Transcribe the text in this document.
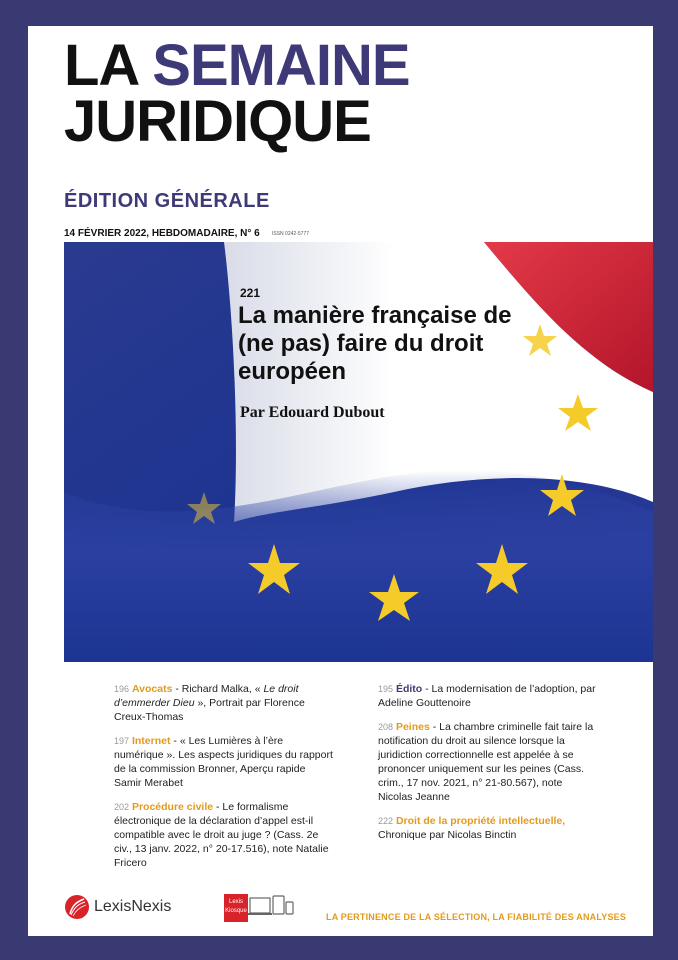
LA SEMAINE
JURIDIQUE
ÉDITION GÉNÉRALE
14 FÉVRIER 2022, HEBDOMADAIRE, N° 6 ISSN 0242-5777
221
La manière française de (ne pas) faire du droit européen
Par Edouard Dubout
196 Avocats - Richard Malka, « Le droit d’emmerder Dieu », Portrait par Florence Creux-Thomas
197 Internet - « Les Lumières à l’ère numérique ». Les aspects juridiques du rapport de la commission Bronner, Aperçu rapide Samir Merabet
202 Procédure civile - Le formalisme électronique de la déclaration d’appel est-il compatible avec le droit au juge ? (Cass. 2e civ., 13 janv. 2022, n° 20-17.516), note Natalie Fricero
195 Édito - La modernisation de l’adoption, par Adeline Gouttenoire
208 Peines - La chambre criminelle fait taire la notification du droit au silence lorsque la juridiction correctionnelle est appelée à se prononcer uniquement sur les peines (Cass. crim., 17 nov. 2021, n° 21-80.567), note Nicolas Jeanne
222 Droit de la propriété intellectuelle, Chronique par Nicolas Binctin
LexisNexis	Lexis Kiosque
LA PERTINENCE DE LA SÉLECTION, LA FIABILITÉ DES ANALYSES
